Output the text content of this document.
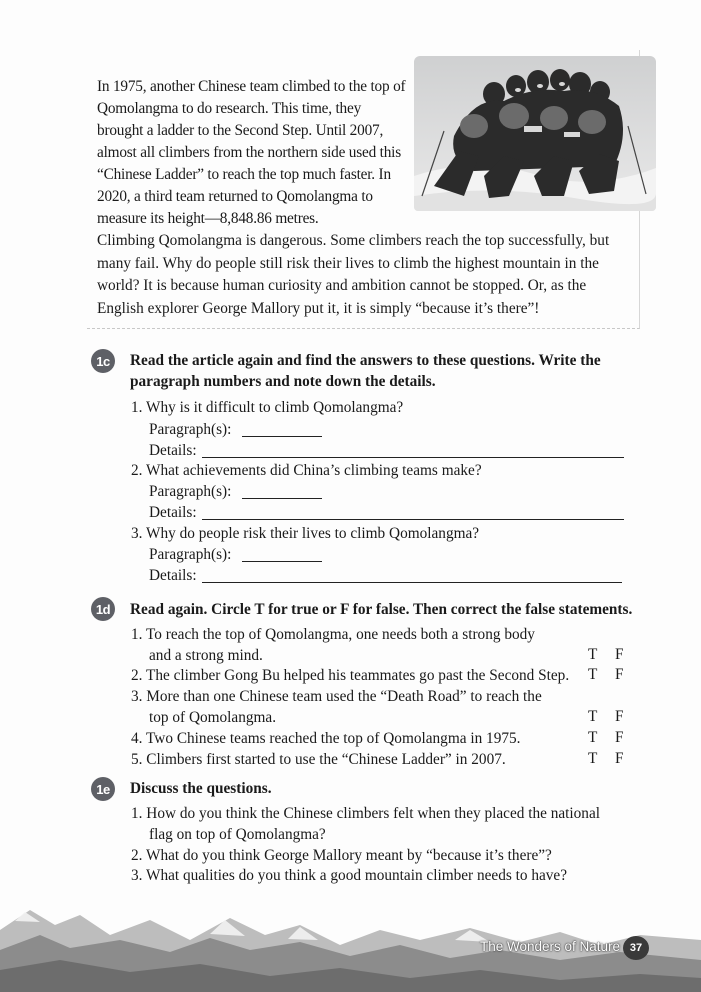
In 1975, another Chinese team climbed to the top of Qomolangma to do research. This time, they brought a ladder to the Second Step. Until 2007, almost all climbers from the northern side used this “Chinese Ladder” to reach the top much faster. In 2020, a third team returned to Qomolangma to measure its height—8,848.86 metres.

Climbing Qomolangma is dangerous. Some climbers reach the top successfully, but many fail. Why do people still risk their lives to climb the highest mountain in the world? It is because human curiosity and ambition cannot be stopped. Or, as the English explorer George Mallory put it, it is simply “because it’s there”!

1c	Read the article again and find the answers to these questions. Write the paragraph numbers and note down the details.

1. Why is it difficult to climb Qomolangma?
Paragraph(s):
Details:
2. What achievements did China’s climbing teams make?
Paragraph(s):
Details:
3. Why do people risk their lives to climb Qomolangma?
Paragraph(s):
Details:
1d	Read again. Circle T for true or F for false. Then correct the false statements.

1. To reach the top of Qomolangma, one needs both a strong body
and a strong mind.	T F
2. The climber Gong Bu helped his teammates go past the Second Step. T F
3. More than one Chinese team used the “Death Road” to reach the
top of Qomolangma.	T F
4. Two Chinese teams reached the top of Qomolangma in 1975.	T F
5. Climbers first started to use the “Chinese Ladder” in 2007.	T F
1e	Discuss the questions.

1. How do you think the Chinese climbers felt when they placed the national
flag on top of Qomolangma?
2. What do you think George Mallory meant by “because it’s there”?
3. What qualities do you think a good mountain climber needs to have?
The Wonders of Nature 37
